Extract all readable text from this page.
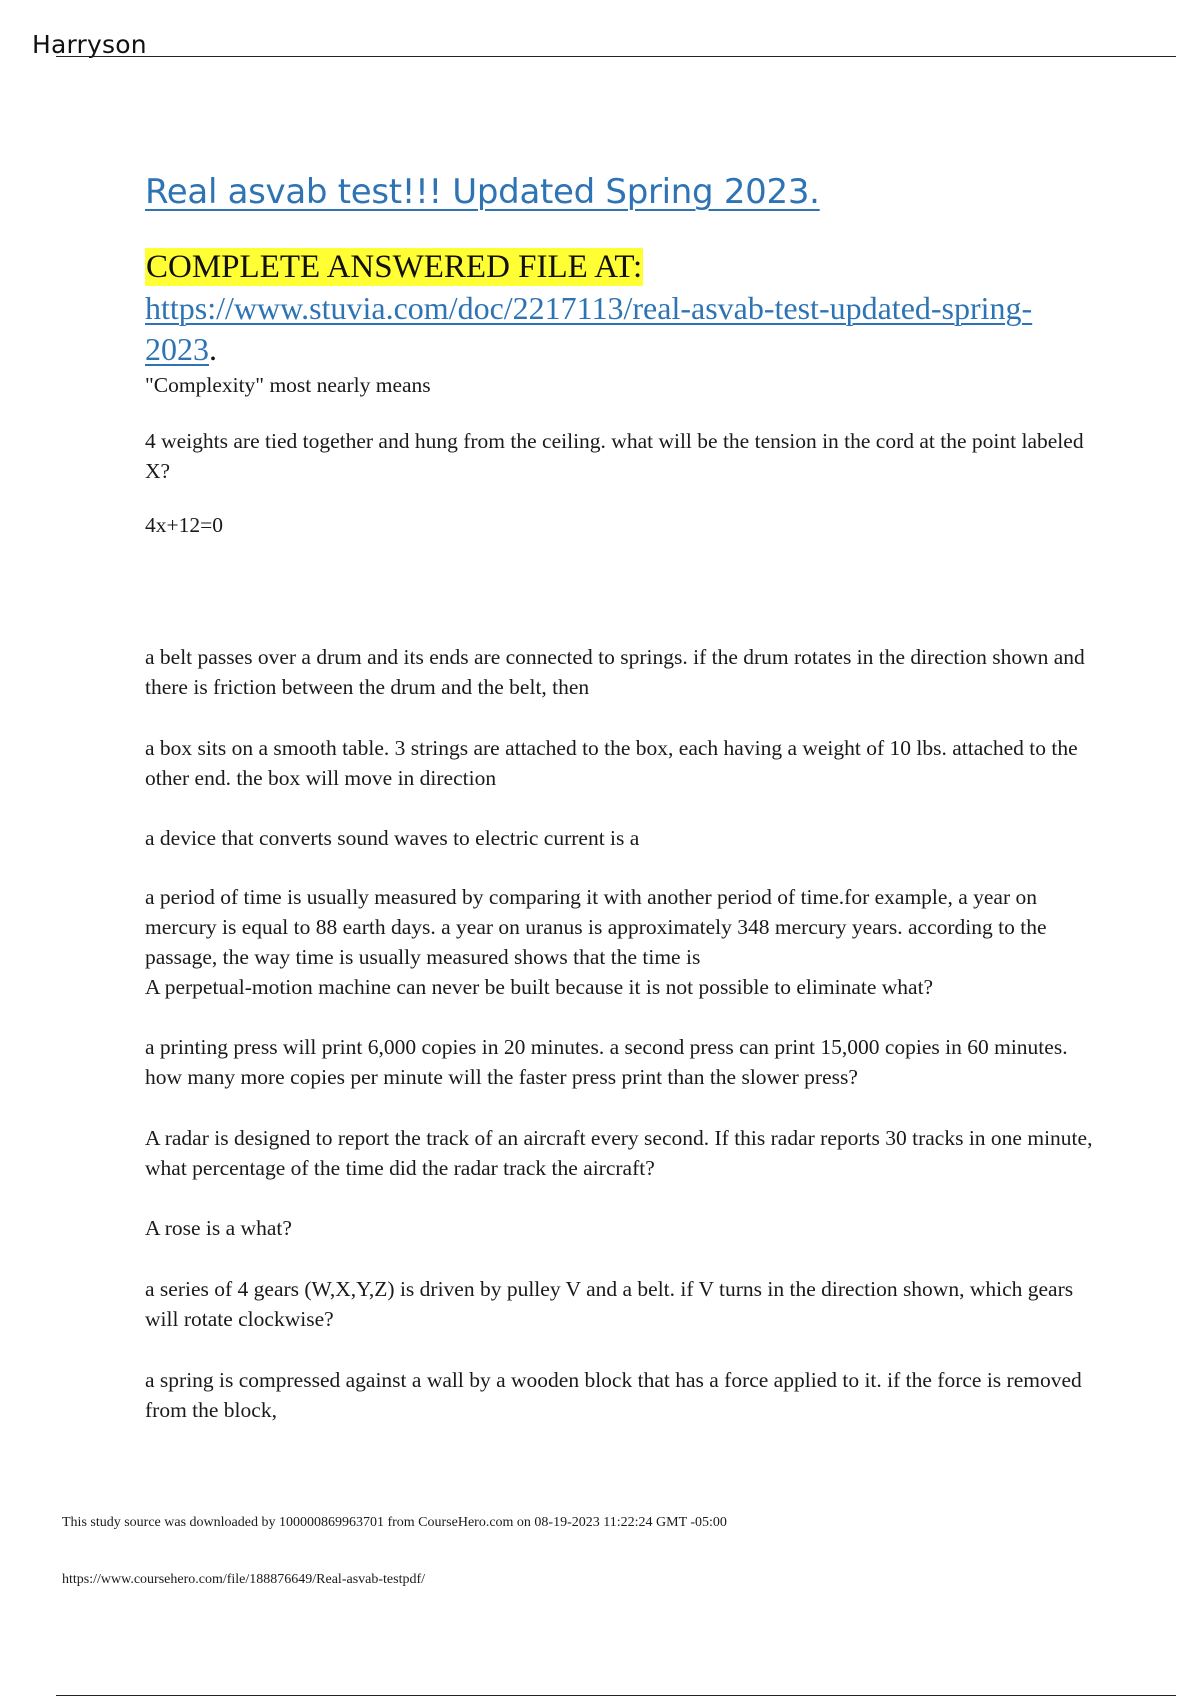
Harryson
Real asvab test!!! Updated Spring 2023.
COMPLETE ANSWERED FILE AT:
https://www.stuvia.com/doc/2217113/real-asvab-test-updated-spring-2023.

"Complexity" most nearly means

4 weights are tied together and hung from the ceiling. what will be the tension in the cord at the point labeled X?

4x+12=0

a belt passes over a drum and its ends are connected to springs. if the drum rotates in the direction shown and there is friction between the drum and the belt, then

a box sits on a smooth table. 3 strings are attached to the box, each having a weight of 10 lbs. attached to the other end. the box will move in direction

a device that converts sound waves to electric current is a

a period of time is usually measured by comparing it with another period of time.for example, a year on mercury is equal to 88 earth days. a year on uranus is approximately 348 mercury years. according to the passage, the way time is usually measured shows that the time is

A perpetual-motion machine can never be built because it is not possible to eliminate what?

a printing press will print 6,000 copies in 20 minutes. a second press can print 15,000 copies in 60 minutes. how many more copies per minute will the faster press print than the slower press?

A radar is designed to report the track of an aircraft every second. If this radar reports 30 tracks in one minute, what percentage of the time did the radar track the aircraft?

A rose is a what?

a series of 4 gears (W,X,Y,Z) is driven by pulley V and a belt. if V turns in the direction shown, which gears will rotate clockwise?

a spring is compressed against a wall by a wooden block that has a force applied to it. if the force is removed from the block,

This study source was downloaded by 100000869963701 from CourseHero.com on 08-19-2023 11:22:24 GMT -05:00
https://www.coursehero.com/file/188876649/Real-asvab-testpdf/
